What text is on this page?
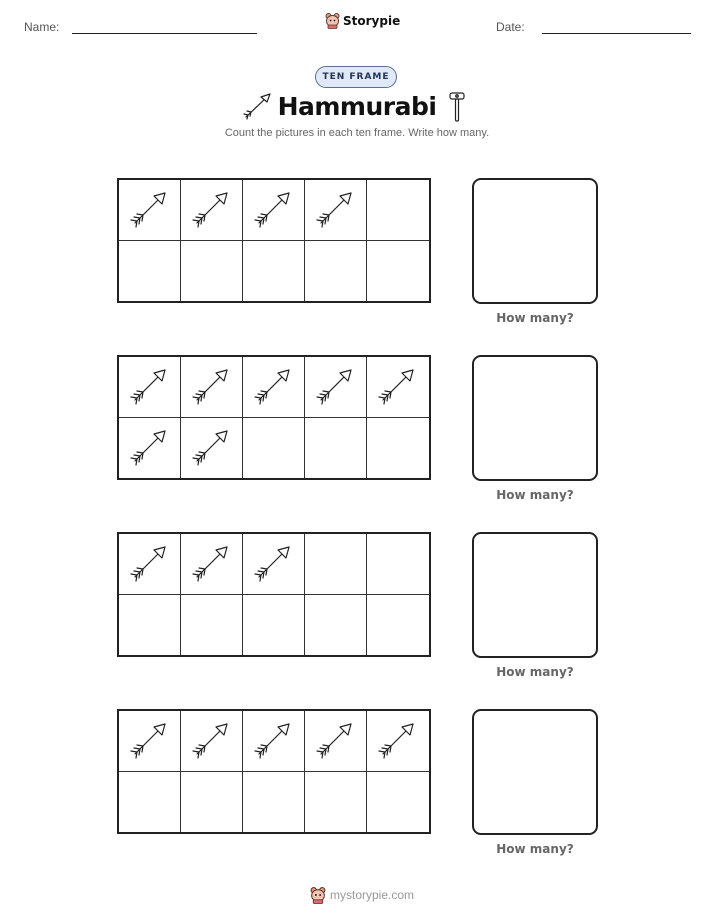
Name:	Storypie	Date:
TEN FRAME
Hammurabi
Count the pictures in each ten frame. Write how many.
How many?
How many?
How many?
How many?
mystorypie.com
